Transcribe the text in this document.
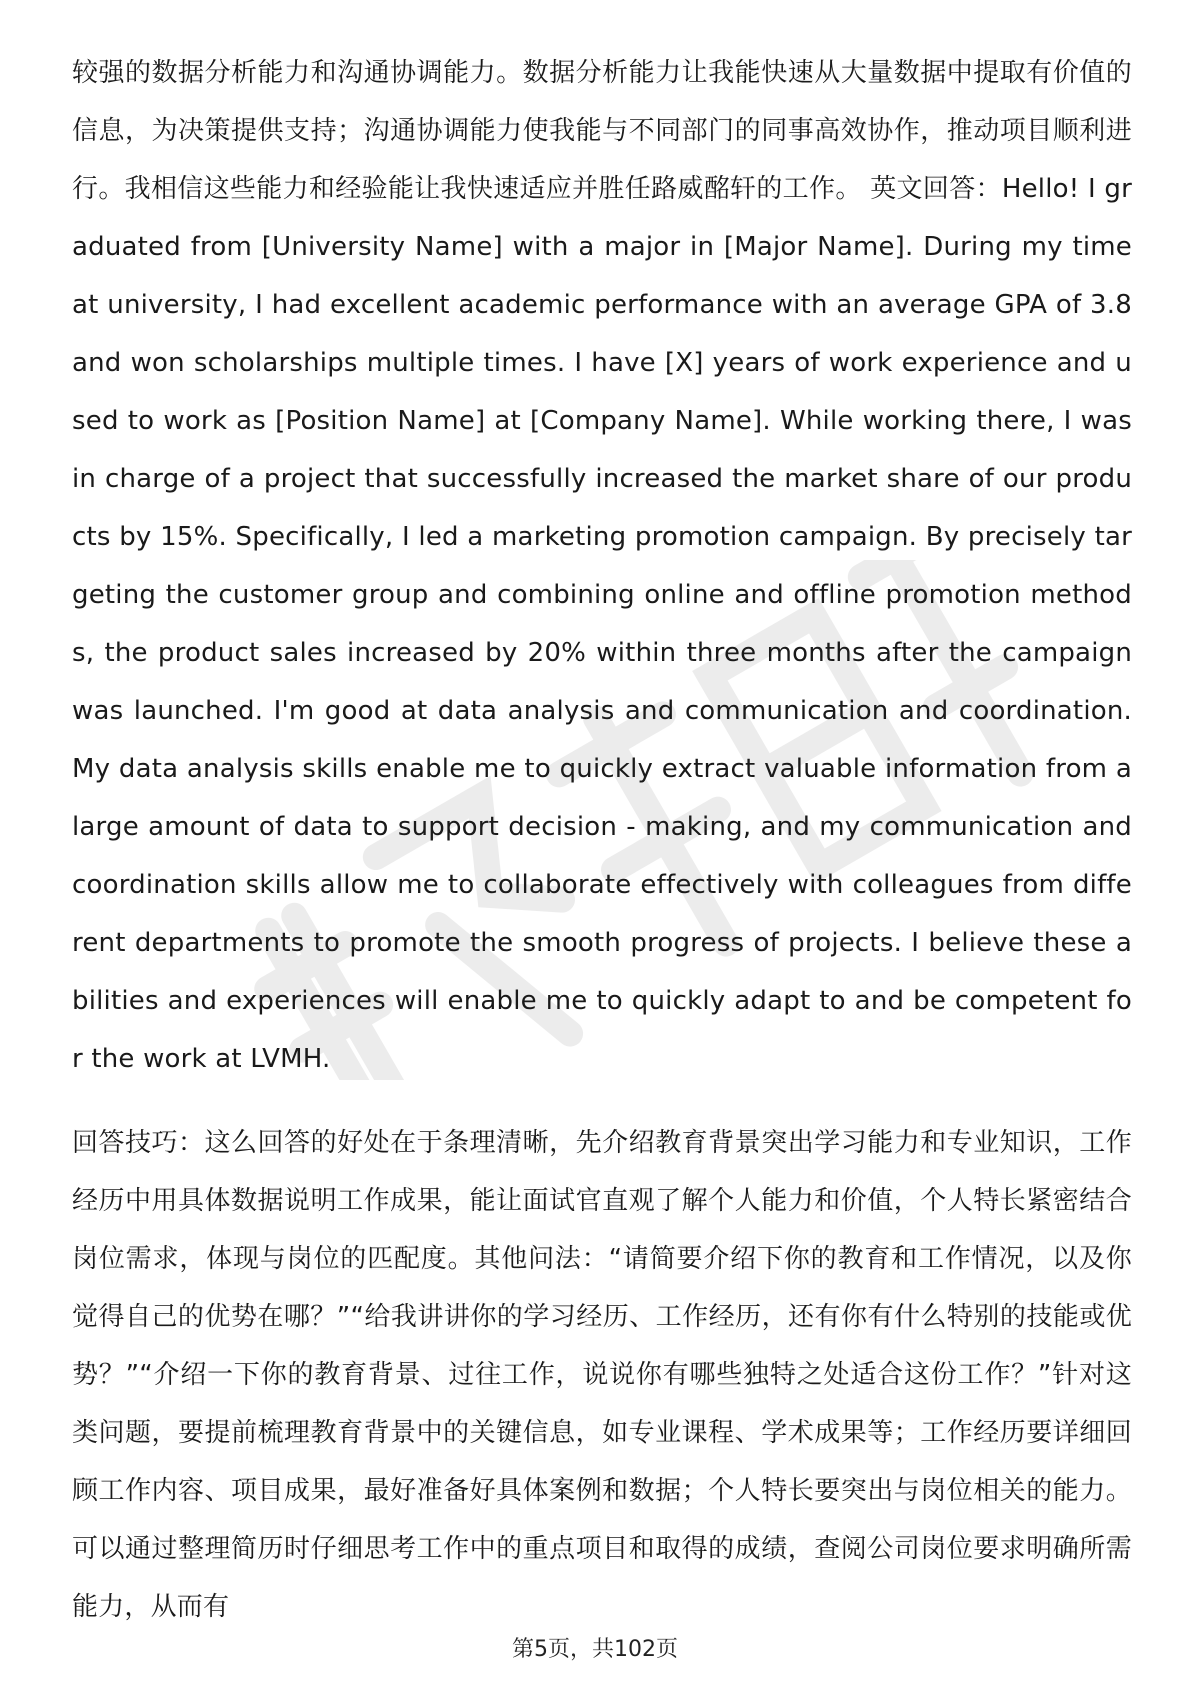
较强的数据分析能力和沟通协调能力。数据分析能力让我能快速从大量数据中提取有价值的信息，为决策提供支持；沟通协调能力使我能与不同部门的同事高效协作，推动项目顺利进行。我相信这些能力和经验能让我快速适应并胜任路威酩轩的工作。 英文回答：Hello! I graduated from [University Name] with a major in [Major Name]. During my time at university, I had excellent academic performance with an average GPA of 3.8 and won scholarships multiple times. I have [X] years of work experience and used to work as [Position Name] at [Company Name]. While working there, I was in charge of a project that successfully increased the market share of our products by 15%. Specifically, I led a marketing promotion campaign. By precisely targeting the customer group and combining online and offline promotion methods, the product sales increased by 20% within three months after the campaign was launched. I'm good at data analysis and communication and coordination. My data analysis skills enable me to quickly extract valuable information from a large amount of data to support decision - making, and my communication and coordination skills allow me to collaborate effectively with colleagues from different departments to promote the smooth progress of projects. I believe these abilities and experiences will enable me to quickly adapt to and be competent for the work at LVMH.

回答技巧：这么回答的好处在于条理清晰，先介绍教育背景突出学习能力和专业知识，工作经历中用具体数据说明工作成果，能让面试官直观了解个人能力和价值，个人特长紧密结合岗位需求，体现与岗位的匹配度。其他问法：“请简要介绍下你的教育和工作情况，以及你觉得自己的优势在哪？”“给我讲讲你的学习经历、工作经历，还有你有什么特别的技能或优势？”“介绍一下你的教育背景、过往工作，说说你有哪些独特之处适合这份工作？”针对这类问题，要提前梳理教育背景中的关键信息，如专业课程、学术成果等；工作经历要详细回顾工作内容、项目成果，最好准备好具体案例和数据；个人特长要突出与岗位相关的能力。可以通过整理简历时仔细思考工作中的重点项目和取得的成绩，查阅公司岗位要求明确所需能力，从而有

第5页，共102页
